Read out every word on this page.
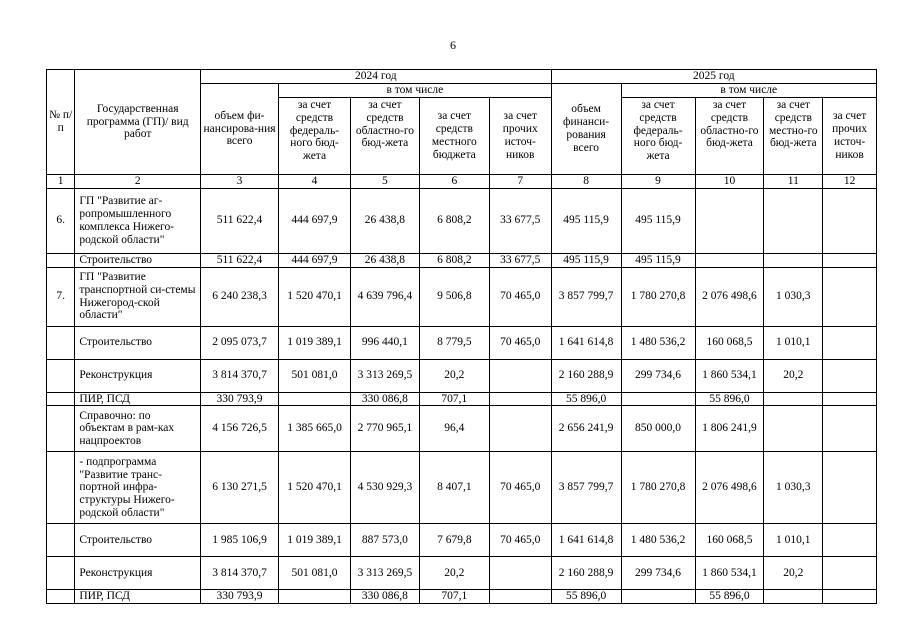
6
№ п/п	Государственная программа (ГП)/ вид работ	2024 год					2025 год				
		объем фи-нансирова-ния всего	в том числе				объем финанси-рования всего	в том числе			
			за счет средств федераль-ного бюд-жета	за счет средств областно-го бюд-жета	за счет средств местного бюджета	за счет прочих источ-ников		за счет средств федераль-ного бюд-жета	за счет средств областно-го бюд-жета	за счет средств местно-го бюд-жета	за счет прочих источ-ников
1	2	3	4	5	6	7	8	9	10	11	12
6.	ГП "Развитие аг-ропромышленного комплекса Нижего-родской области"	511 622,4	444 697,9	26 438,8	6 808,2	33 677,5	495 115,9	495 115,9			
	Строительство	511 622,4	444 697,9	26 438,8	6 808,2	33 677,5	495 115,9	495 115,9			
7.	ГП "Развитие транспортной си-стемы Нижегород-ской области"	6 240 238,3	1 520 470,1	4 639 796,4	9 506,8	70 465,0	3 857 799,7	1 780 270,8	2 076 498,6	1 030,3	
	Строительство	2 095 073,7	1 019 389,1	996 440,1	8 779,5	70 465,0	1 641 614,8	1 480 536,2	160 068,5	1 010,1	
	Реконструкция	3 814 370,7	501 081,0	3 313 269,5	20,2		2 160 288,9	299 734,6	1 860 534,1	20,2	
	ПИР, ПСД	330 793,9		330 086,8	707,1		55 896,0		55 896,0		
	Справочно: по объектам в рам-ках нацпроектов	4 156 726,5	1 385 665,0	2 770 965,1	96,4		2 656 241,9	850 000,0	1 806 241,9		
	- подпрограмма "Развитие транс-портной инфра-структуры Нижего-родской области"	6 130 271,5	1 520 470,1	4 530 929,3	8 407,1	70 465,0	3 857 799,7	1 780 270,8	2 076 498,6	1 030,3	
	Строительство	1 985 106,9	1 019 389,1	887 573,0	7 679,8	70 465,0	1 641 614,8	1 480 536,2	160 068,5	1 010,1	
	Реконструкция	3 814 370,7	501 081,0	3 313 269,5	20,2		2 160 288,9	299 734,6	1 860 534,1	20,2	
	ПИР, ПСД	330 793,9		330 086,8	707,1		55 896,0		55 896,0		
